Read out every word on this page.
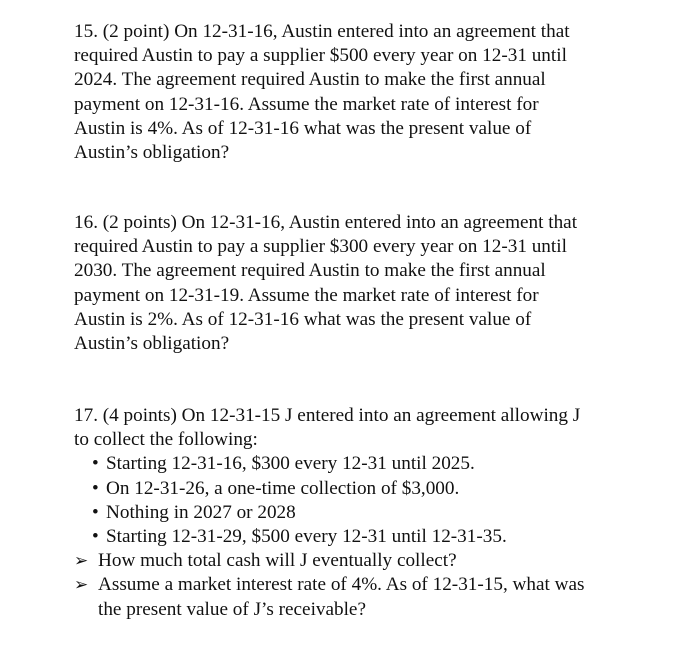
15. (2 point) On 12-31-16, Austin entered into an agreement that
required Austin to pay a supplier $500 every year on 12-31 until
2024. The agreement required Austin to make the first annual
payment on 12-31-16. Assume the market rate of interest for
Austin is 4%. As of 12-31-16 what was the present value of
Austin’s obligation?
16. (2 points) On 12-31-16, Austin entered into an agreement that
required Austin to pay a supplier $300 every year on 12-31 until
2030. The agreement required Austin to make the first annual
payment on 12-31-19. Assume the market rate of interest for
Austin is 2%. As of 12-31-16 what was the present value of
Austin’s obligation?
17. (4 points) On 12-31-15 J entered into an agreement allowing J
to collect the following:
• Starting 12-31-16, $300 every 12-31 until 2025.
• On 12-31-26, a one-time collection of $3,000.
• Nothing in 2027 or 2028
• Starting 12-31-29, $500 every 12-31 until 12-31-35.
➢ How much total cash will J eventually collect?
➢ Assume a market interest rate of 4%. As of 12-31-15, what was
the present value of J’s receivable?
